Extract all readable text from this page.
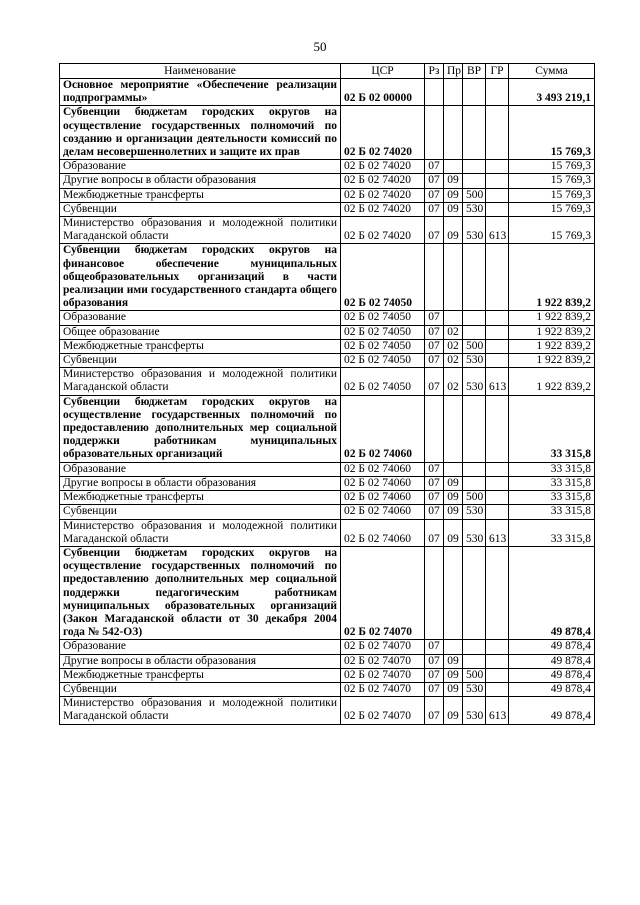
50
Наименование	ЦСР	Рз	Пр	ВР	ГР	Сумма
Основное мероприятие «Обеспечение реализации подпрограммы»	02 Б 02 00000					3 493 219,1
Субвенции бюджетам городских округов на осуществление государственных полномочий по созданию и организации деятельности комиссий по делам несовершеннолетних и защите их прав	02 Б 02 74020					15 769,3
Образование	02 Б 02 74020	07				15 769,3
Другие вопросы в области образования	02 Б 02 74020	07	09			15 769,3
Межбюджетные трансферты	02 Б 02 74020	07	09	500		15 769,3
Субвенции	02 Б 02 74020	07	09	530		15 769,3
Министерство образования и молодежной политики Магаданской области	02 Б 02 74020	07	09	530	613	15 769,3
Субвенции бюджетам городских округов на финансовое обеспечение муниципальных общеобразовательных организаций в части реализации ими государственного стандарта общего образования	02 Б 02 74050					1 922 839,2
Образование	02 Б 02 74050	07				1 922 839,2
Общее образование	02 Б 02 74050	07	02			1 922 839,2
Межбюджетные трансферты	02 Б 02 74050	07	02	500		1 922 839,2
Субвенции	02 Б 02 74050	07	02	530		1 922 839,2
Министерство образования и молодежной политики Магаданской области	02 Б 02 74050	07	02	530	613	1 922 839,2
Субвенции бюджетам городских округов на осуществление государственных полномочий по предоставлению дополнительных мер социальной поддержки работникам муниципальных образовательных организаций	02 Б 02 74060					33 315,8
Образование	02 Б 02 74060	07				33 315,8
Другие вопросы в области образования	02 Б 02 74060	07	09			33 315,8
Межбюджетные трансферты	02 Б 02 74060	07	09	500		33 315,8
Субвенции	02 Б 02 74060	07	09	530		33 315,8
Министерство образования и молодежной политики Магаданской области	02 Б 02 74060	07	09	530	613	33 315,8
Субвенции бюджетам городских округов на осуществление государственных полномочий по предоставлению дополнительных мер социальной поддержки педагогическим работникам муниципальных образовательных организаций (Закон Магаданской области от 30 декабря 2004 года № 542-ОЗ)	02 Б 02 74070					49 878,4
Образование	02 Б 02 74070	07				49 878,4
Другие вопросы в области образования	02 Б 02 74070	07	09			49 878,4
Межбюджетные трансферты	02 Б 02 74070	07	09	500		49 878,4
Субвенции	02 Б 02 74070	07	09	530		49 878,4
Министерство образования и молодежной политики Магаданской области	02 Б 02 74070	07	09	530	613	49 878,4
